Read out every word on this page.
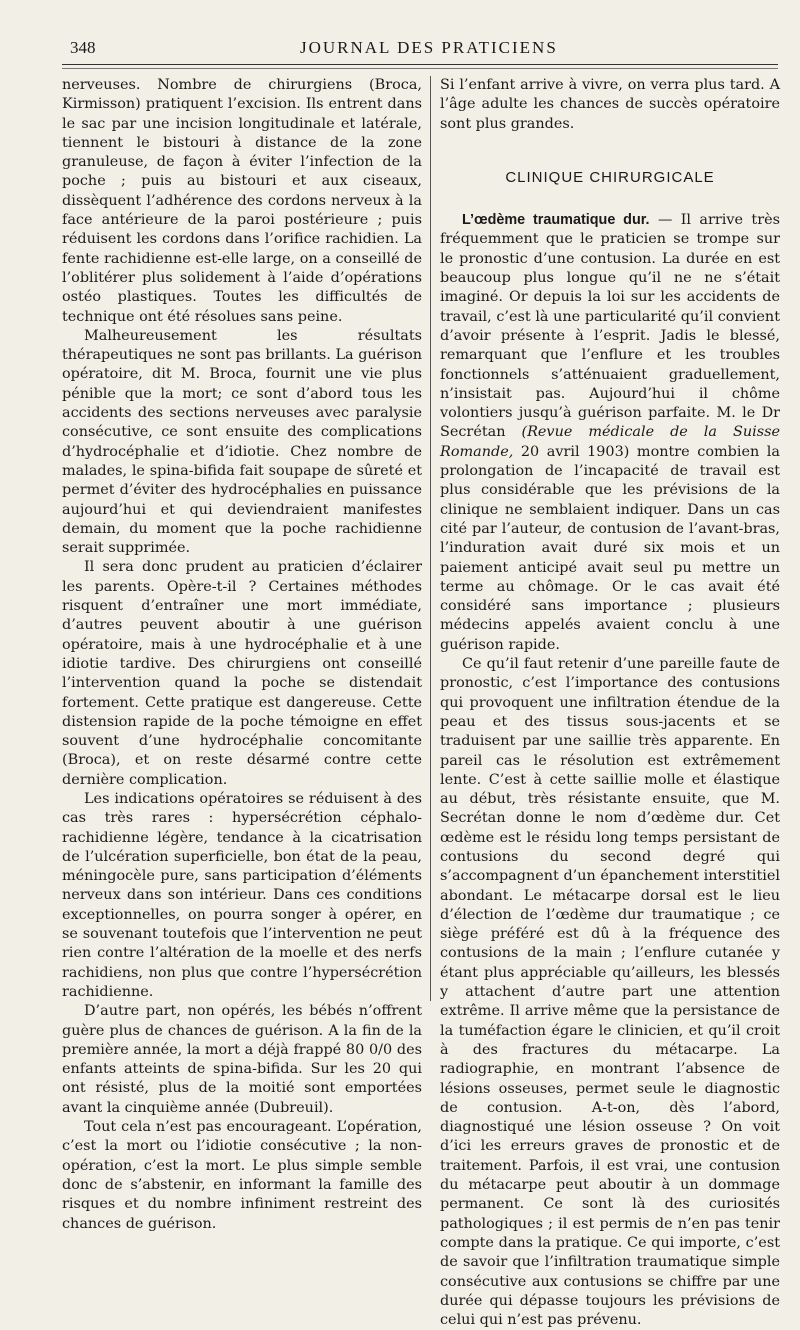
348	JOURNAL DES PRATICIENS

nerveuses. Nombre de chirurgiens (Broca, Kirmisson) pratiquent l’excision. Ils entrent dans le sac par une incision longitudinale et latérale, tiennent le bistouri à distance de la zone granuleuse, de façon à éviter l’infection de la poche ; puis au bistouri et aux ciseaux, dissèquent l’adhérence des cordons nerveux à la face antérieure de la paroi postérieure ; puis réduisent les cordons dans l’orifice rachidien. La fente rachidienne est-elle large, on a conseillé de l’oblitérer plus solidement à l’aide d’opérations ostéo plastiques. Toutes les difficultés de technique ont été résolues sans peine.

Malheureusement les résultats thérapeutiques ne sont pas brillants. La guérison opératoire, dit M. Broca, fournit une vie plus pénible que la mort; ce sont d’abord tous les accidents des sections nerveuses avec paralysie consécutive, ce sont ensuite des complications d’hydrocéphalie et d’idiotie. Chez nombre de malades, le spina-bifida fait soupape de sûreté et permet d’éviter des hydrocéphalies en puissance aujourd’hui et qui deviendraient manifestes demain, du moment que la poche rachidienne serait supprimée.

Il sera donc prudent au praticien d’éclairer les parents. Opère-t-il ? Certaines méthodes risquent d’entraîner une mort immédiate, d’autres peuvent aboutir à une guérison opératoire, mais à une hydrocéphalie et à une idiotie tardive. Des chirurgiens ont conseillé l’intervention quand la poche se distendait fortement. Cette pratique est dangereuse. Cette distension rapide de la poche témoigne en effet souvent d’une hydrocéphalie concomitante (Broca), et on reste désarmé contre cette dernière complication.

Les indications opératoires se réduisent à des cas très rares : hypersécrétion céphalo-rachidienne légère, tendance à la cicatrisation de l’ulcération superficielle, bon état de la peau, méningocèle pure, sans participation d’éléments nerveux dans son intérieur. Dans ces conditions exceptionnelles, on pourra songer à opérer, en se souvenant toutefois que l’intervention ne peut rien contre l’altération de la moelle et des nerfs rachidiens, non plus que contre l’hypersécrétion rachidienne.

D’autre part, non opérés, les bébés n’offrent guère plus de chances de guérison. A la fin de la première année, la mort a déjà frappé 80 0/0 des enfants atteints de spina-bifida. Sur les 20 qui ont résisté, plus de la moitié sont emportées avant la cinquième année (Dubreuil).

Tout cela n’est pas encourageant. L’opération, c’est la mort ou l’idiotie consécutive ; la non-opération, c’est la mort. Le plus simple semble donc de s’abstenir, en informant la famille des risques et du nombre infiniment restreint des chances de guérison.

Si l’enfant arrive à vivre, on verra plus tard. A l’âge adulte les chances de succès opératoire sont plus grandes.

CLINIQUE CHIRURGICALE

L’œdème traumatique dur. — Il arrive très fréquemment que le praticien se trompe sur le pronostic d’une contusion. La durée en est beaucoup plus longue qu’il ne ne s’était imaginé. Or depuis la loi sur les accidents de travail, c’est là une particularité qu’il convient d’avoir présente à l’esprit. Jadis le blessé, remarquant que l’enflure et les troubles fonctionnels s’atténuaient graduellement, n’insistait pas. Aujourd’hui il chôme volontiers jusqu’à guérison parfaite. M. le Dr Secrétan (Revue médicale de la Suisse Romande, 20 avril 1903) montre combien la prolongation de l’incapacité de travail est plus considérable que les prévisions de la clinique ne semblaient indiquer. Dans un cas cité par l’auteur, de contusion de l’avant-bras, l’induration avait duré six mois et un paiement anticipé avait seul pu mettre un terme au chômage. Or le cas avait été considéré sans importance ; plusieurs médecins appelés avaient conclu à une guérison rapide.

Ce qu’il faut retenir d’une pareille faute de pronostic, c’est l’importance des contusions qui provoquent une infiltration étendue de la peau et des tissus sous-jacents et se traduisent par une saillie très apparente. En pareil cas le résolution est extrêmement lente. C’est à cette saillie molle et élastique au début, très résistante ensuite, que M. Secrétan donne le nom d’œdème dur. Cet œdème est le résidu long temps persistant de contusions du second degré qui s’accompagnent d’un épanchement interstitiel abondant. Le métacarpe dorsal est le lieu d’élection de l’œdème dur traumatique ; ce siège préféré est dû à la fréquence des contusions de la main ; l’enflure cutanée y étant plus appréciable qu’ailleurs, les blessés y attachent d’autre part une attention extrême. Il arrive même que la persistance de la tuméfaction égare le clinicien, et qu’il croit à des fractures du métacarpe. La radiographie, en montrant l’absence de lésions osseuses, permet seule le diagnostic de contusion. A-t-on, dès l’abord, diagnostiqué une lésion osseuse ? On voit d’ici les erreurs graves de pronostic et de traitement. Parfois, il est vrai, une contusion du métacarpe peut aboutir à un dommage permanent. Ce sont là des curiosités pathologiques ; il est permis de n’en pas tenir compte dans la pratique. Ce qui importe, c’est de savoir que l’infiltration traumatique simple consécutive aux contusions se chiffre par une durée qui dépasse toujours les prévisions de celui qui n’est pas prévenu.
